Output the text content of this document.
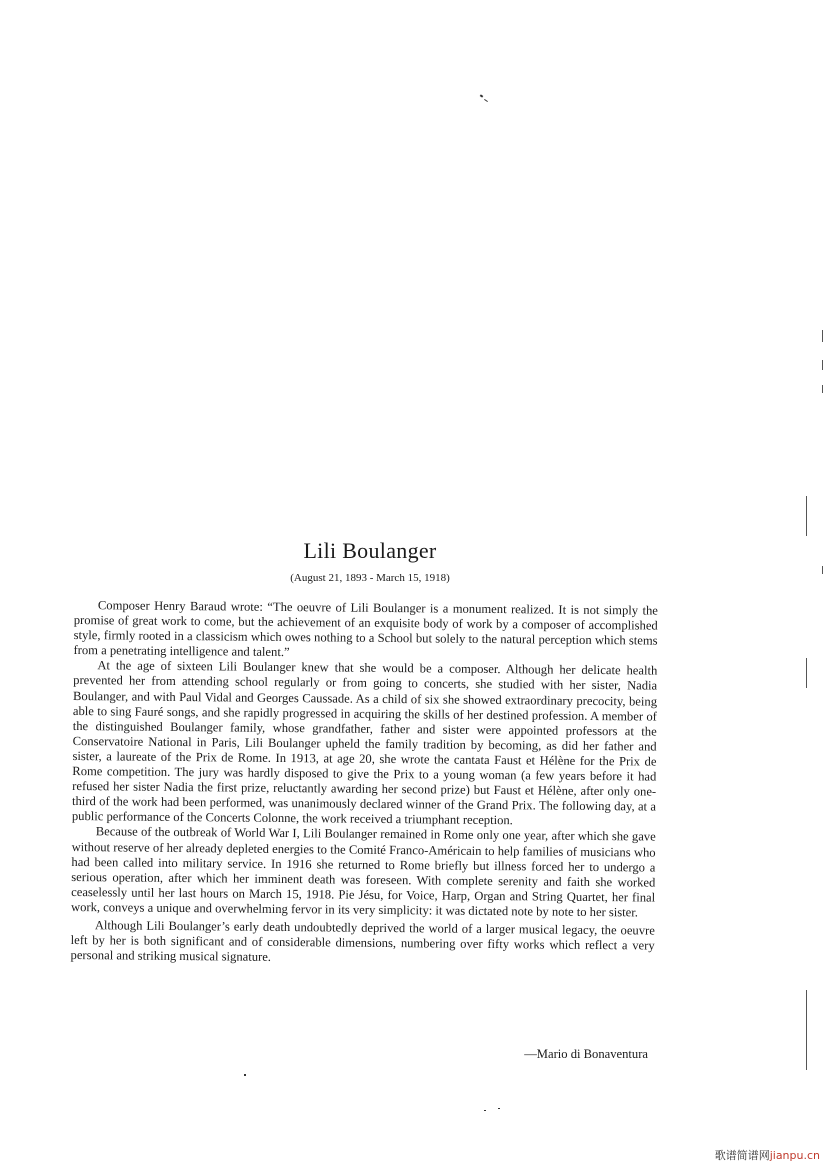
Lili Boulanger
(August 21, 1893 - March 15, 1918)

Composer Henry Baraud wrote: “The oeuvre of Lili Boulanger is a monument realized. It is not simply the promise of great work to come, but the achievement of an exquisite body of work by a composer of accomplished style, firmly rooted in a classicism which owes nothing to a School but solely to the natural perception which stems from a penetrating intelligence and talent.”

At the age of sixteen Lili Boulanger knew that she would be a composer. Although her delicate health prevented her from attending school regularly or from going to concerts, she studied with her sister, Nadia Boulanger, and with Paul Vidal and Georges Caussade. As a child of six she showed extraordinary precocity, being able to sing Fauré songs, and she rapidly progressed in acquiring the skills of her destined profession. A member of the distinguished Boulanger family, whose grandfather, father and sister were appointed professors at the Conservatoire National in Paris, Lili Boulanger upheld the family tradition by becoming, as did her father and sister, a laureate of the Prix de Rome. In 1913, at age 20, she wrote the cantata Faust et Hélène for the Prix de Rome competition. The jury was hardly disposed to give the Prix to a young woman (a few years before it had refused her sister Nadia the first prize, reluctantly awarding her second prize) but Faust et Hélène, after only one-third of the work had been performed, was unanimously declared winner of the Grand Prix. The following day, at a public performance of the Concerts Colonne, the work received a triumphant reception.

Because of the outbreak of World War I, Lili Boulanger remained in Rome only one year, after which she gave without reserve of her already depleted energies to the Comité Franco-Américain to help families of musicians who had been called into military service. In 1916 she returned to Rome briefly but illness forced her to undergo a serious operation, after which her imminent death was foreseen. With complete serenity and faith she worked ceaselessly until her last hours on March 15, 1918. Pie Jésu, for Voice, Harp, Organ and String Quartet, her final work, conveys a unique and overwhelming fervor in its very simplicity: it was dictated note by note to her sister.

Although Lili Boulanger’s early death undoubtedly deprived the world of a larger musical legacy, the oeuvre left by her is both significant and of considerable dimensions, numbering over fifty works which reflect a very personal and striking musical signature.

—Mario di Bonaventura
歌谱简谱网jianpu.cn
